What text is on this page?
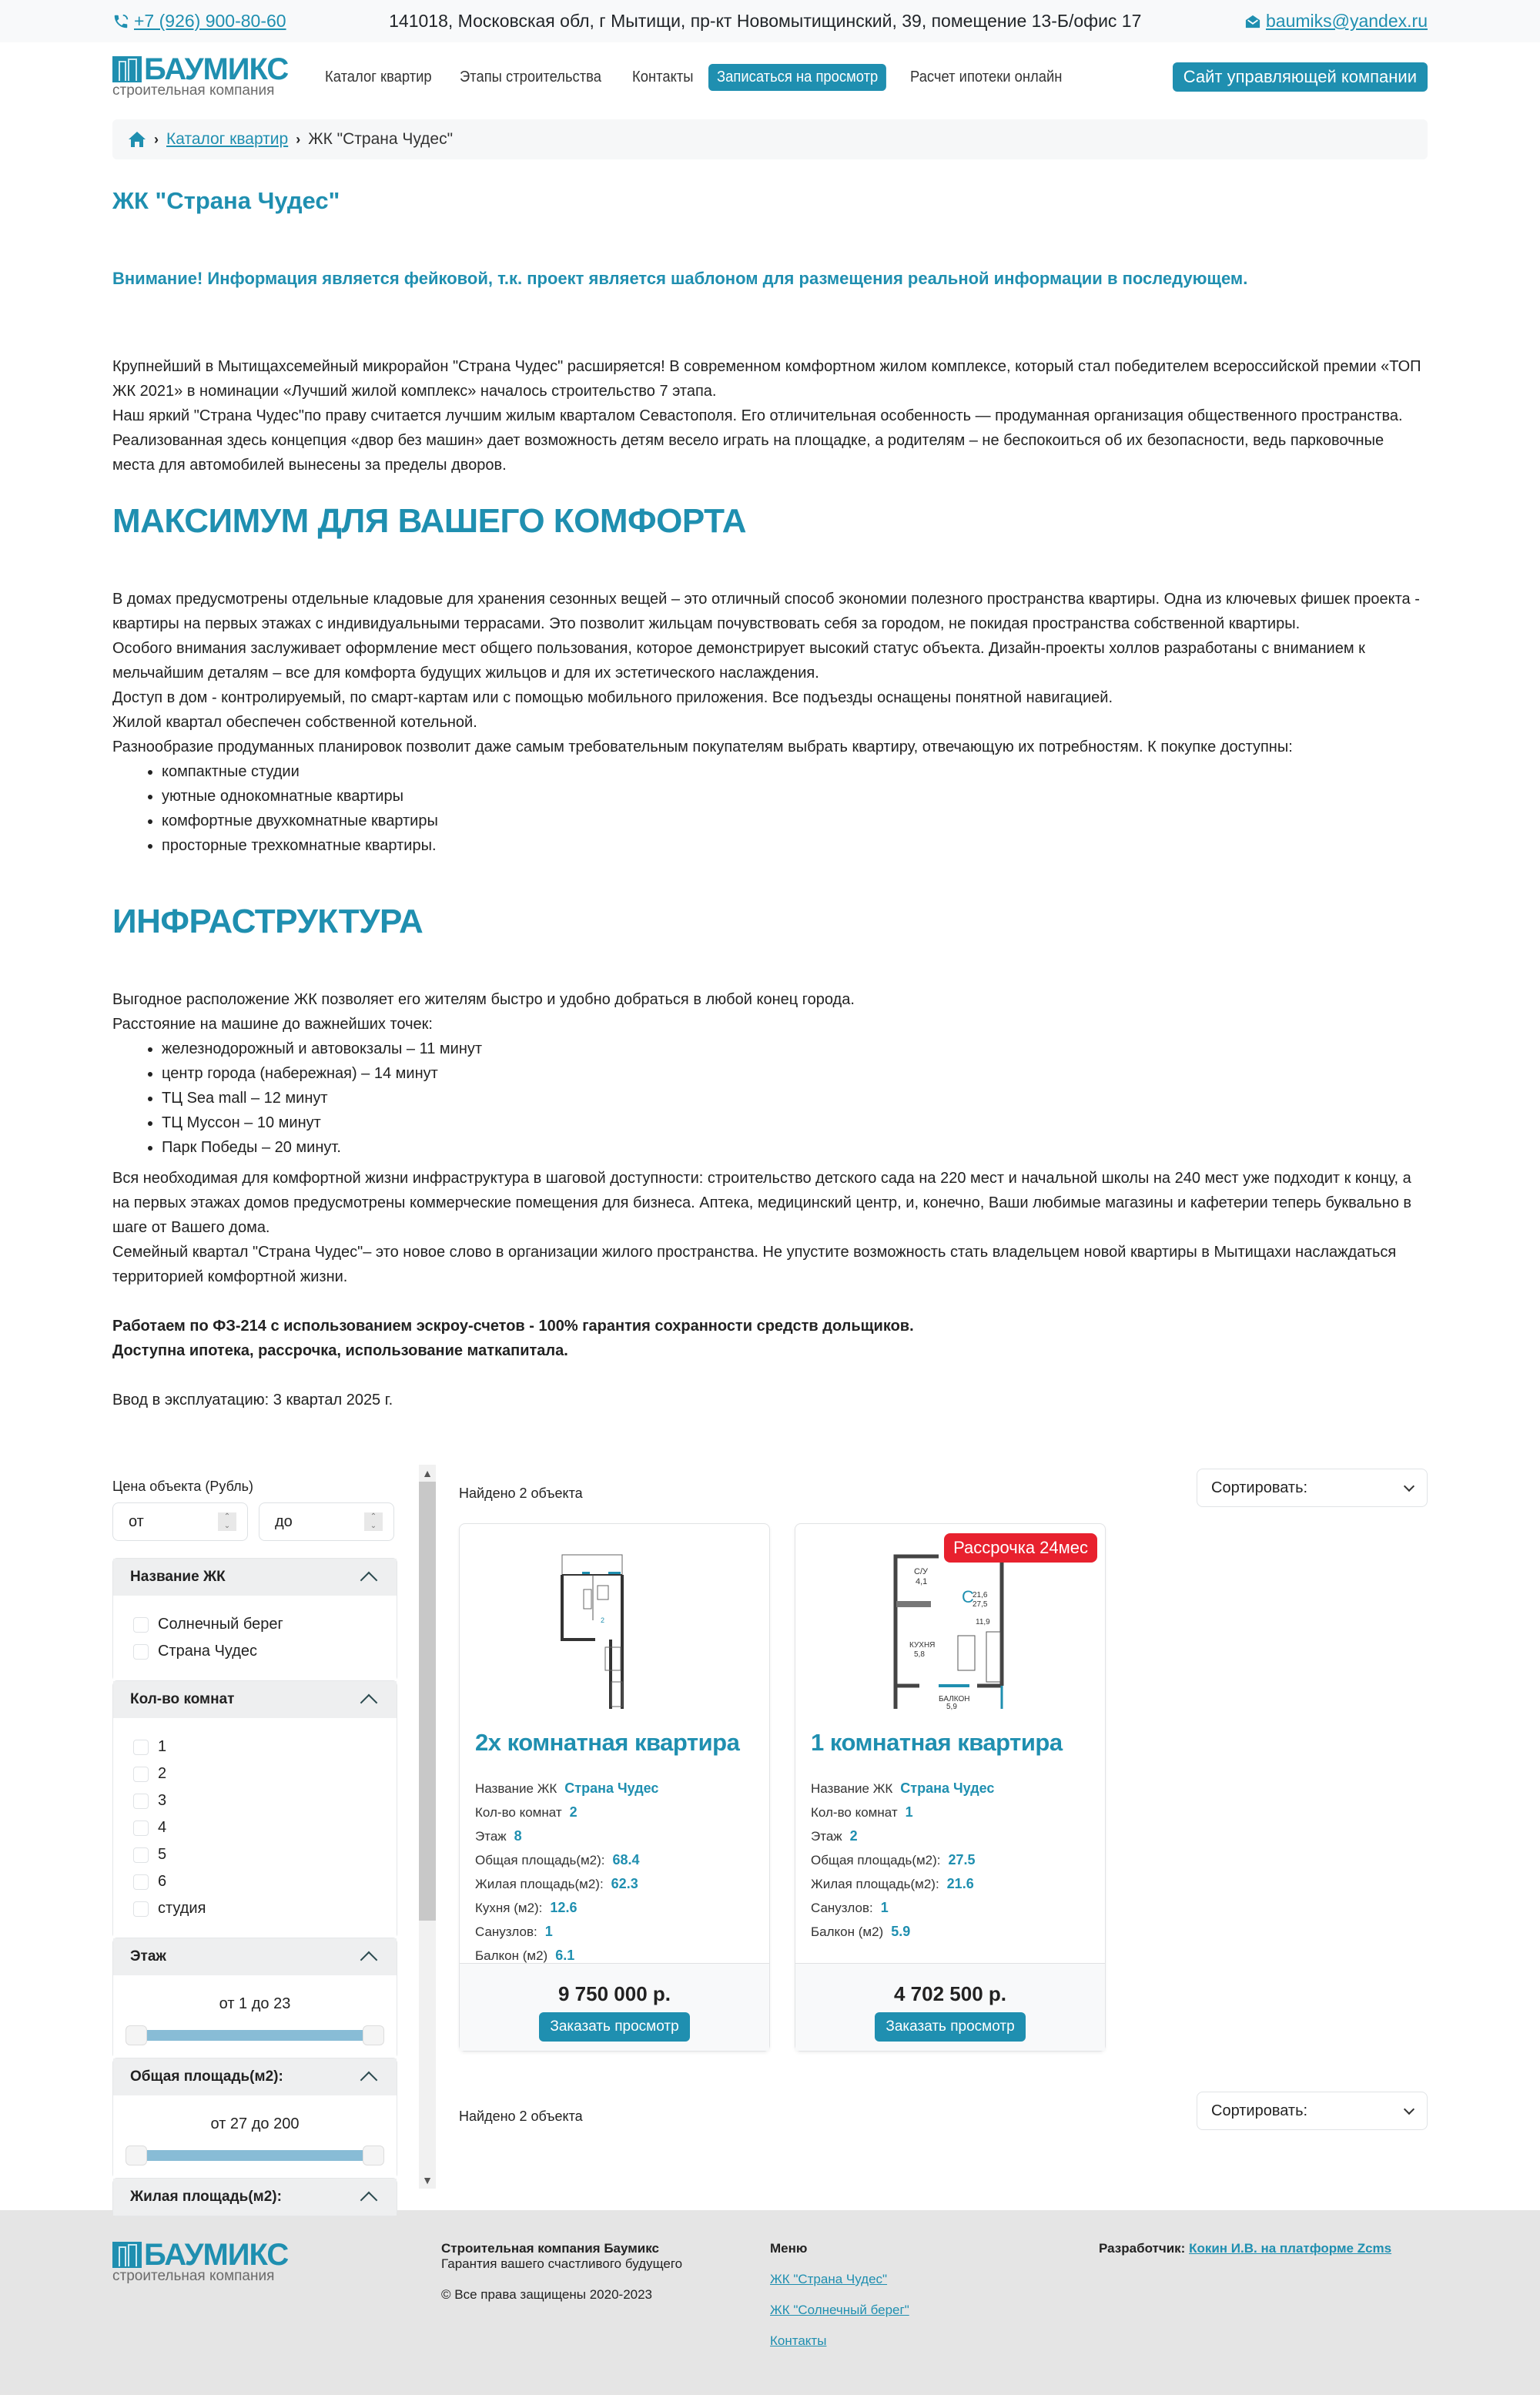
+7 (926) 900-80-60	141018, Московская обл, г Мытищи, пр-кт Новомытищинский, 39, помещение 13-Б/офис 17	baumiks@yandex.ru
БАУМИКС
строительная компания
Каталог квартир	Этапы строительства	Контакты	Записаться на просмотр	Расчет ипотеки онлайн	Сайт управляющей компании
› Каталог квартир › ЖК "Страна Чудес"
ЖК "Страна Чудес"
Внимание! Информация является фейковой, т.к. проект является шаблоном для размещения реальной информации в последующем.

Крупнейший в Мытищахсемейный микрорайон "Страна Чудес" расширяется! В современном комфортном жилом комплексе, который стал победителем всероссийской премии «ТОП ЖК 2021» в номинации «Лучший жилой комплекс» началось строительство 7 этапа.

Наш яркий "Страна Чудес"по праву считается лучшим жилым кварталом Севастополя. Его отличительная особенность — продуманная организация общественного пространства. Реализованная здесь концепция «двор без машин» дает возможность детям весело играть на площадке, а родителям – не беспокоиться об их безопасности, ведь парковочные места для автомобилей вынесены за пределы дворов.

МАКСИМУМ ДЛЯ ВАШЕГО КОМФОРТА

В домах предусмотрены отдельные кладовые для хранения сезонных вещей – это отличный способ экономии полезного пространства квартиры. Одна из ключевых фишек проекта - квартиры на первых этажах с индивидуальными террасами. Это позволит жильцам почувствовать себя за городом, не покидая пространства собственной квартиры.

Особого внимания заслуживает оформление мест общего пользования, которое демонстрирует высокий статус объекта. Дизайн-проекты холлов разработаны с вниманием к мельчайшим деталям – все для комфорта будущих жильцов и для их эстетического наслаждения.

Доступ в дом - контролируемый, по смарт-картам или с помощью мобильного приложения. Все подъезды оснащены понятной навигацией.

Жилой квартал обеспечен собственной котельной.

Разнообразие продуманных планировок позволит даже самым требовательным покупателям выбрать квартиру, отвечающую их потребностям. К покупке доступны:

• компактные студии
• уютные однокомнатные квартиры
• комфортные двухкомнатные квартиры
• просторные трехкомнатные квартиры.
ИНФРАСТРУКТУРА

Выгодное расположение ЖК позволяет его жителям быстро и удобно добраться в любой конец города.

Расстояние на машине до важнейших точек:

• железнодорожный и автовокзалы – 11 минут
• центр города (набережная) – 14 минут
• ТЦ Sea mall – 12 минут
• ТЦ Муссон – 10 минут
• Парк Победы – 20 минут.

Вся необходимая для комфортной жизни инфраструктура в шаговой доступности: строительство детского сада на 220 мест и начальной школы на 240 мест уже подходит к концу, а на первых этажах домов предусмотрены коммерческие помещения для бизнеса. Аптека, медицинский центр, и, конечно, Ваши любимые магазины и кафетерии теперь буквально в шаге от Вашего дома.

Семейный квартал "Страна Чудес"– это новое слово в организации жилого пространства. Не упустите возможность стать владельцем новой квартиры в Мытищахи наслаждаться территорией комфортной жизни.

Работаем по ФЗ-214 с использованием эскроу-счетов - 100% гарантия сохранности средств дольщиков.

Доступна ипотека, рассрочка, использование маткапитала.

Ввод в эксплуатацию: 3 квартал 2025 г.

Цена объекта (Рубль)
от	⌃
⌄	до	⌃
⌄
Название ЖК
Солнечный берег
Страна Чудес
Кол-во комнат
1
2
3
4
5
6
студия
Этаж
от 1 до 23
Общая площадь(м2):
от 27 до 200
Жилая площадь(м2):
▲
▼
Найдено 2 объекта	Сортировать:
2
2х комнатная квартира
Название ЖК Страна Чудес
Кол-во комнат 2
Этаж 8
Общая площадь(м2): 68.4
Жилая площадь(м2): 62.3
Кухня (м2): 12.6
Санузлов: 1
Балкон (м2) 6.1
9 750 000 р.
Заказать просмотр
Рассрочка 24мес
С/У
4,1
С
21,6
27,5
11,9
КУХНЯ
5,8
БАЛКОН
5,9
1 комнатная квартира
Название ЖК Страна Чудес
Кол-во комнат 1
Этаж 2
Общая площадь(м2): 27.5
Жилая площадь(м2): 21.6
Санузлов: 1
Балкон (м2) 5.9
4 702 500 р.
Заказать просмотр
Найдено 2 объекта	Сортировать:
БАУМИКС
строительная компания
Строительная компания Баумикс
Гарантия вашего счастливого будущего
© Все права защищены 2020-2023
Меню
ЖК "Страна Чудес"
ЖК "Солнечный берег"
Контакты
Разработчик: Кокин И.В. на платформе Zcms
